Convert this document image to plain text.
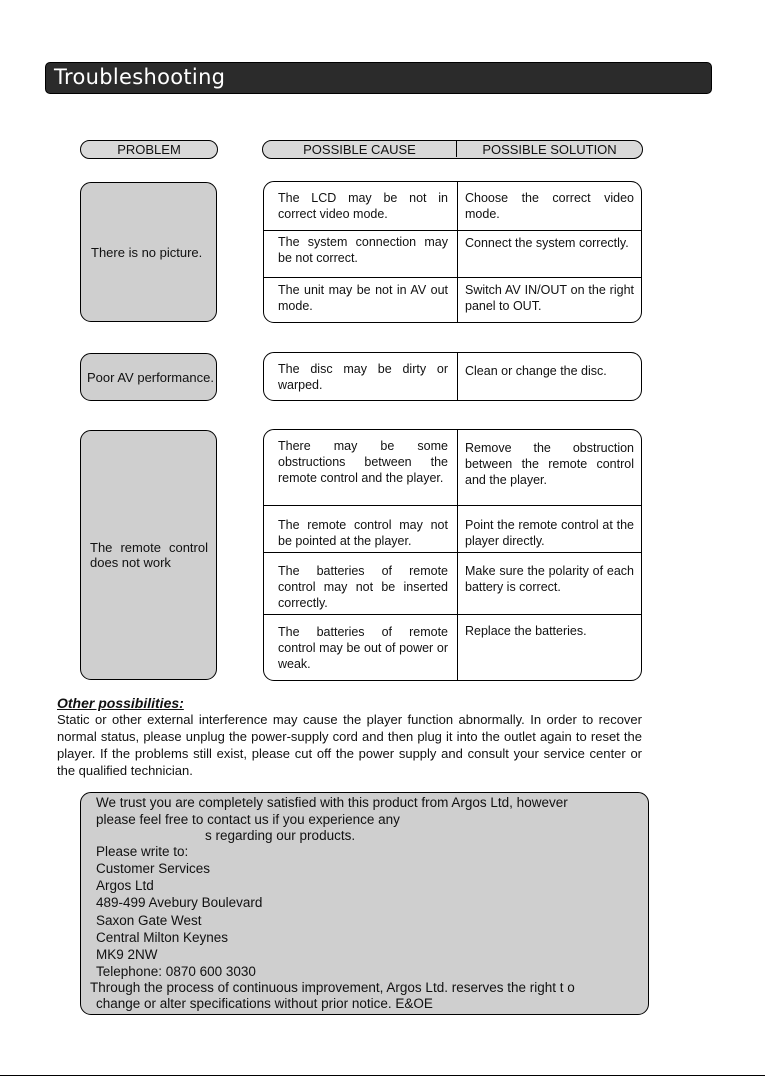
Troubleshooting
PROBLEM	POSSIBLE CAUSE	POSSIBLE SOLUTION
There is no picture.
The LCD may be not in correct video mode.
Choose the correct video mode.
The system connection may be not correct.
Connect the system correctly.
The unit may be not in AV out mode.
Switch AV IN/OUT on the right panel to OUT.
Poor AV performance.
The disc may be dirty or warped.
Clean or change the disc.
The remote control does not work
There may be some obstructions between the remote control and the player.
Remove the obstruction between the remote control and the player.
The remote control may not be pointed at the player.
Point the remote control at the player directly.
The batteries of remote control may not be inserted correctly.
Make sure the polarity of each battery is correct.
The batteries of remote control may be out of power or weak.
Replace the batteries.
Other possibilities:
Static or other external interference may cause the player function abnormally. In order to recover normal status, please unplug the power-supply cord and then plug it into the outlet again to reset the player. If the problems still exist, please cut off the power supply and consult your service center or the qualified technician.
We trust you are completely satisfied with this product from Argos Ltd, however
please feel free to contact us if you experience any
s regarding our products.
Please write to:
Customer Services
Argos Ltd
489-499 Avebury Boulevard
Saxon Gate West
Central Milton Keynes
MK9 2NW
Telephone: 0870 600 3030
Through the process of continuous improvement, Argos Ltd. reserves the right t o
change or alter specifications without prior notice. E&OE
